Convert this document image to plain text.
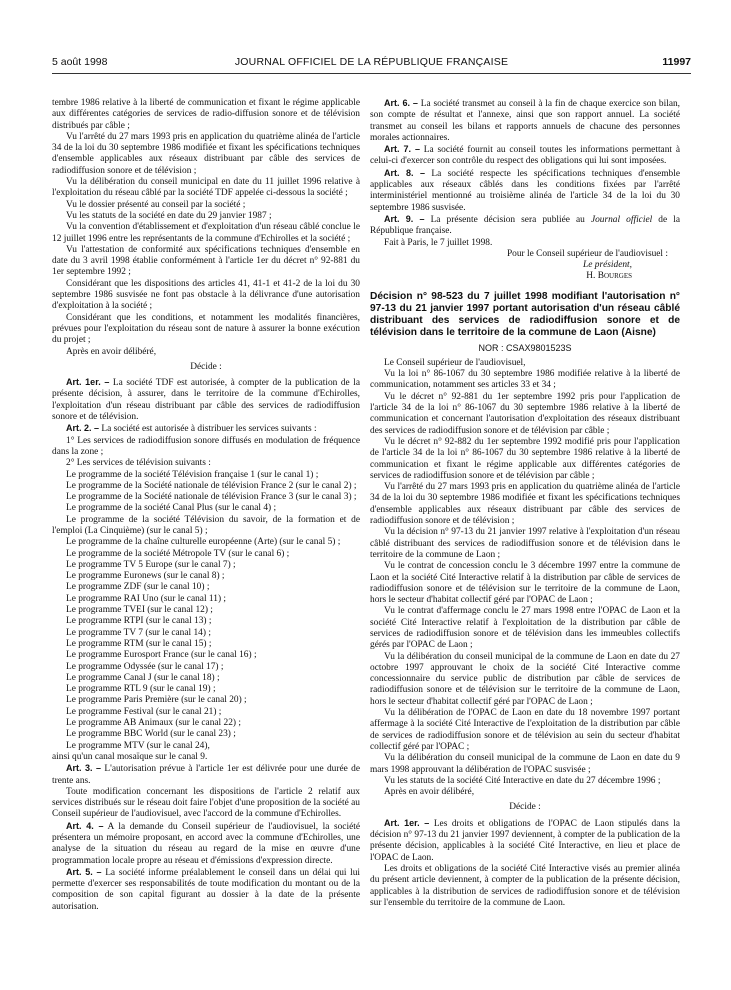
5 août 1998	JOURNAL OFFICIEL DE LA RÉPUBLIQUE FRANÇAISE	11997

tembre 1986 relative à la liberté de communication et fixant le régime applicable aux différentes catégories de services de radio-diffusion sonore et de télévision distribués par câble ;

Vu l'arrêté du 27 mars 1993 pris en application du quatrième alinéa de l'article 34 de la loi du 30 septembre 1986 modifiée et fixant les spécifications techniques d'ensemble applicables aux réseaux distribuant par câble des services de radiodiffusion sonore et de télévision ;

Vu la délibération du conseil municipal en date du 11 juillet 1996 relative à l'exploitation du réseau câblé par la société TDF appelée ci-dessous la société ;

Vu le dossier présenté au conseil par la société ;

Vu les statuts de la société en date du 29 janvier 1987 ;

Vu la convention d'établissement et d'exploitation d'un réseau câblé conclue le 12 juillet 1996 entre les représentants de la commune d'Echirolles et la société ;

Vu l'attestation de conformité aux spécifications techniques d'ensemble en date du 3 avril 1998 établie conformément à l'article 1er du décret n° 92-881 du 1er septembre 1992 ;

Considérant que les dispositions des articles 41, 41-1 et 41-2 de la loi du 30 septembre 1986 susvisée ne font pas obstacle à la délivrance d'une autorisation d'exploitation à la société ;

Considérant que les conditions, et notamment les modalités financières, prévues pour l'exploitation du réseau sont de nature à assurer la bonne exécution du projet ;

Après en avoir délibéré,

Décide :

Art. 1er. – La société TDF est autorisée, à compter de la publication de la présente décision, à assurer, dans le territoire de la commune d'Echirolles, l'exploitation d'un réseau distribuant par câble des services de radiodiffusion sonore et de télévision.

Art. 2. – La société est autorisée à distribuer les services suivants :

1° Les services de radiodiffusion sonore diffusés en modulation de fréquence dans la zone ;

2° Les services de télévision suivants :

Le programme de la société Télévision française 1 (sur le canal 1) ;

Le programme de la Société nationale de télévision France 2 (sur le canal 2) ;

Le programme de la Société nationale de télévision France 3 (sur le canal 3) ;

Le programme de la société Canal Plus (sur le canal 4) ;

Le programme de la société Télévision du savoir, de la formation et de l'emploi (La Cinquième) (sur le canal 5) ;

Le programme de la chaîne culturelle européenne (Arte) (sur le canal 5) ;

Le programme de la société Métropole TV (sur le canal 6) ;

Le programme TV 5 Europe (sur le canal 7) ;

Le programme Euronews (sur le canal 8) ;

Le programme ZDF (sur le canal 10) ;

Le programme RAI Uno (sur le canal 11) ;

Le programme TVEI (sur le canal 12) ;

Le programme RTPI (sur le canal 13) ;

Le programme TV 7 (sur le canal 14) ;

Le programme RTM (sur le canal 15) ;

Le programme Eurosport France (sur le canal 16) ;

Le programme Odyssée (sur le canal 17) ;

Le programme Canal J (sur le canal 18) ;

Le programme RTL 9 (sur le canal 19) ;

Le programme Paris Première (sur le canal 20) ;

Le programme Festival (sur le canal 21) ;

Le programme AB Animaux (sur le canal 22) ;

Le programme BBC World (sur le canal 23) ;

Le programme MTV (sur le canal 24),

ainsi qu'un canal mosaïque sur le canal 9.

Art. 3. – L'autorisation prévue à l'article 1er est délivrée pour une durée de trente ans.

Toute modification concernant les dispositions de l'article 2 relatif aux services distribués sur le réseau doit faire l'objet d'une proposition de la société au Conseil supérieur de l'audiovisuel, avec l'accord de la commune d'Echirolles.

Art. 4. – A la demande du Conseil supérieur de l'audiovisuel, la société présentera un mémoire proposant, en accord avec la commune d'Echirolles, une analyse de la situation du réseau au regard de la mise en œuvre d'une programmation locale propre au réseau et d'émissions d'expression directe.

Art. 5. – La société informe préalablement le conseil dans un délai qui lui permette d'exercer ses responsabilités de toute modification du montant ou de la composition de son capital figurant au dossier à la date de la présente autorisation.

Art. 6. – La société transmet au conseil à la fin de chaque exercice son bilan, son compte de résultat et l'annexe, ainsi que son rapport annuel. La société transmet au conseil les bilans et rapports annuels de chacune des personnes morales actionnaires.

Art. 7. – La société fournit au conseil toutes les informations permettant à celui-ci d'exercer son contrôle du respect des obligations qui lui sont imposées.

Art. 8. – La société respecte les spécifications techniques d'ensemble applicables aux réseaux câblés dans les conditions fixées par l'arrêté interministériel mentionné au troisième alinéa de l'article 34 de la loi du 30 septembre 1986 susvisée.

Art. 9. – La présente décision sera publiée au Journal officiel de la République française.

Fait à Paris, le 7 juillet 1998.

Pour le Conseil supérieur de l'audiovisuel :

Le président,

H. Bourges

Décision n° 98-523 du 7 juillet 1998 modifiant l'autorisation n° 97-13 du 21 janvier 1997 portant autorisation d'un réseau câblé distribuant des services de radiodiffusion sonore et de télévision dans le territoire de la commune de Laon (Aisne)

NOR : CSAX9801523S

Le Conseil supérieur de l'audiovisuel,

Vu la loi n° 86-1067 du 30 septembre 1986 modifiée relative à la liberté de communication, notamment ses articles 33 et 34 ;

Vu le décret n° 92-881 du 1er septembre 1992 pris pour l'application de l'article 34 de la loi n° 86-1067 du 30 septembre 1986 relative à la liberté de communication et concernant l'autorisation d'exploitation des réseaux distribuant des services de radiodiffusion sonore et de télévision par câble ;

Vu le décret n° 92-882 du 1er septembre 1992 modifié pris pour l'application de l'article 34 de la loi n° 86-1067 du 30 septembre 1986 relative à la liberté de communication et fixant le régime applicable aux différentes catégories de services de radiodiffusion sonore et de télévision par câble ;

Vu l'arrêté du 27 mars 1993 pris en application du quatrième alinéa de l'article 34 de la loi du 30 septembre 1986 modifiée et fixant les spécifications techniques d'ensemble applicables aux réseaux distribuant par câble des services de radiodiffusion sonore et de télévision ;

Vu la décision n° 97-13 du 21 janvier 1997 relative à l'exploitation d'un réseau câblé distribuant des services de radiodiffusion sonore et de télévision dans le territoire de la commune de Laon ;

Vu le contrat de concession conclu le 3 décembre 1997 entre la commune de Laon et la société Cité Interactive relatif à la distribution par câble de services de radiodiffusion sonore et de télévision sur le territoire de la commune de Laon, hors le secteur d'habitat collectif géré par l'OPAC de Laon ;

Vu le contrat d'affermage conclu le 27 mars 1998 entre l'OPAC de Laon et la société Cité Interactive relatif à l'exploitation de la distribution par câble de services de radiodiffusion sonore et de télévision dans les immeubles collectifs gérés par l'OPAC de Laon ;

Vu la délibération du conseil municipal de la commune de Laon en date du 27 octobre 1997 approuvant le choix de la société Cité Interactive comme concessionnaire du service public de distribution par câble de services de radiodiffusion sonore et de télévision sur le territoire de la commune de Laon, hors le secteur d'habitat collectif géré par l'OPAC de Laon ;

Vu la délibération de l'OPAC de Laon en date du 18 novembre 1997 portant affermage à la société Cité Interactive de l'exploitation de la distribution par câble de services de radiodiffusion sonore et de télévision au sein du secteur d'habitat collectif géré par l'OPAC ;

Vu la délibération du conseil municipal de la commune de Laon en date du 9 mars 1998 approuvant la délibération de l'OPAC susvisée ;

Vu les statuts de la société Cité Interactive en date du 27 décembre 1996 ;

Après en avoir délibéré,

Décide :

Art. 1er. – Les droits et obligations de l'OPAC de Laon stipulés dans la décision n° 97-13 du 21 janvier 1997 deviennent, à compter de la publication de la présente décision, applicables à la société Cité Interactive, en lieu et place de l'OPAC de Laon.

Les droits et obligations de la société Cité Interactive visés au premier alinéa du présent article deviennent, à compter de la publication de la présente décision, applicables à la distribution de services de radiodiffusion sonore et de télévision sur l'ensemble du territoire de la commune de Laon.
